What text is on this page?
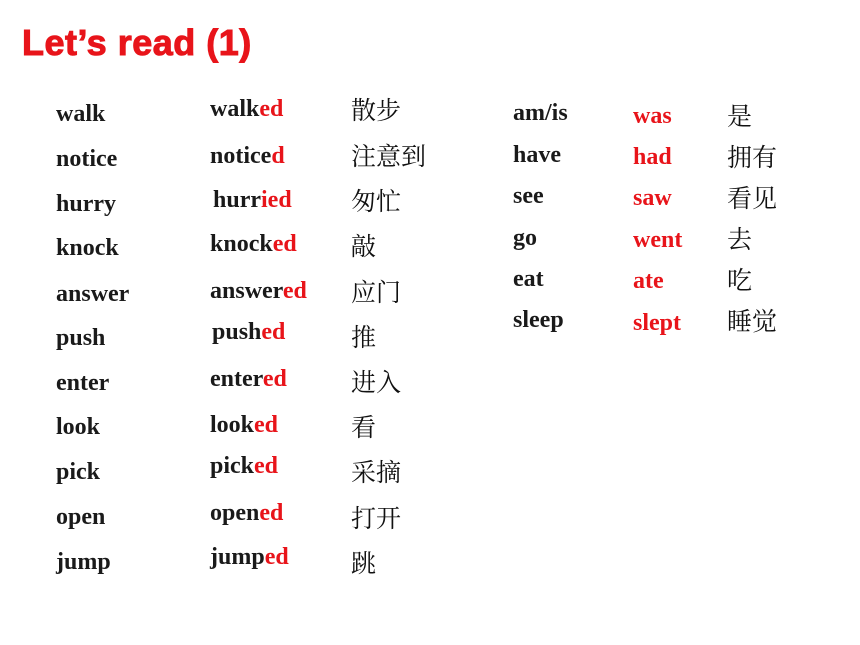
Let’s read (1)
walk
notice
hurry
knock
answer
push
enter
look
pick
open
jump
walked
noticed
hurried
knocked
answered
pushed
entered
looked
picked
opened
jumped
散步
注意到
匆忙
敲
应门
推
进入
看
采摘
打开
跳
am/is
have
see
go
eat
sleep
was
had
saw
went
ate
slept
是
拥有
看见
去
吃
睡觉
